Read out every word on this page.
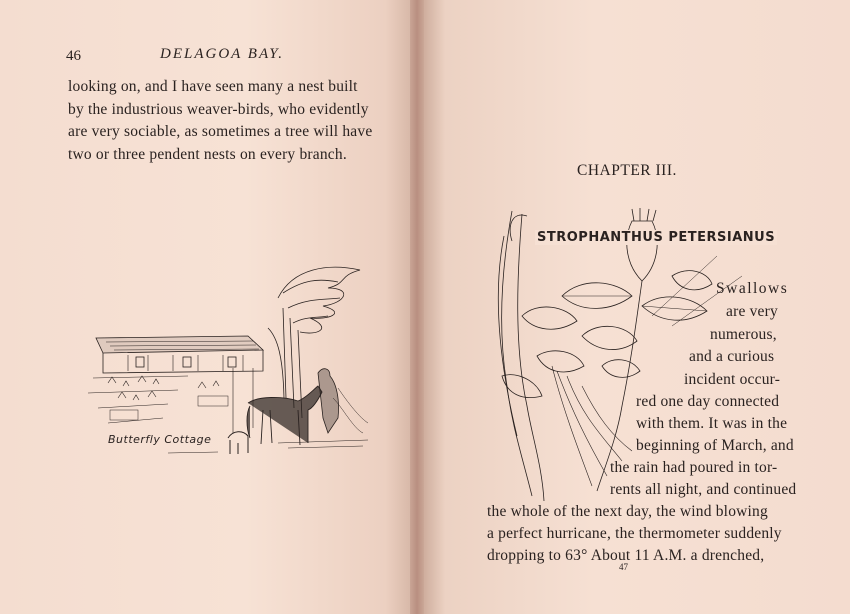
46	DELAGOA BAY.
looking on, and I have seen many a nest built
by the industrious weaver-birds, who evidently
are very sociable, as sometimes a tree will have
two or three pendent nests on every branch.
Butterfly Cottage
CHAPTER III.
STROPHANTHUS PETERSIANUS
Swallows
are very
numerous,
and a curious
incident occur-
red one day connected
with them. It was in the
beginning of March, and
the rain had poured in tor-
rents all night, and continued
the whole of the next day, the wind blowing
a perfect hurricane, the thermometer suddenly
dropping to 63° About 11 A.M. a drenched,
47
